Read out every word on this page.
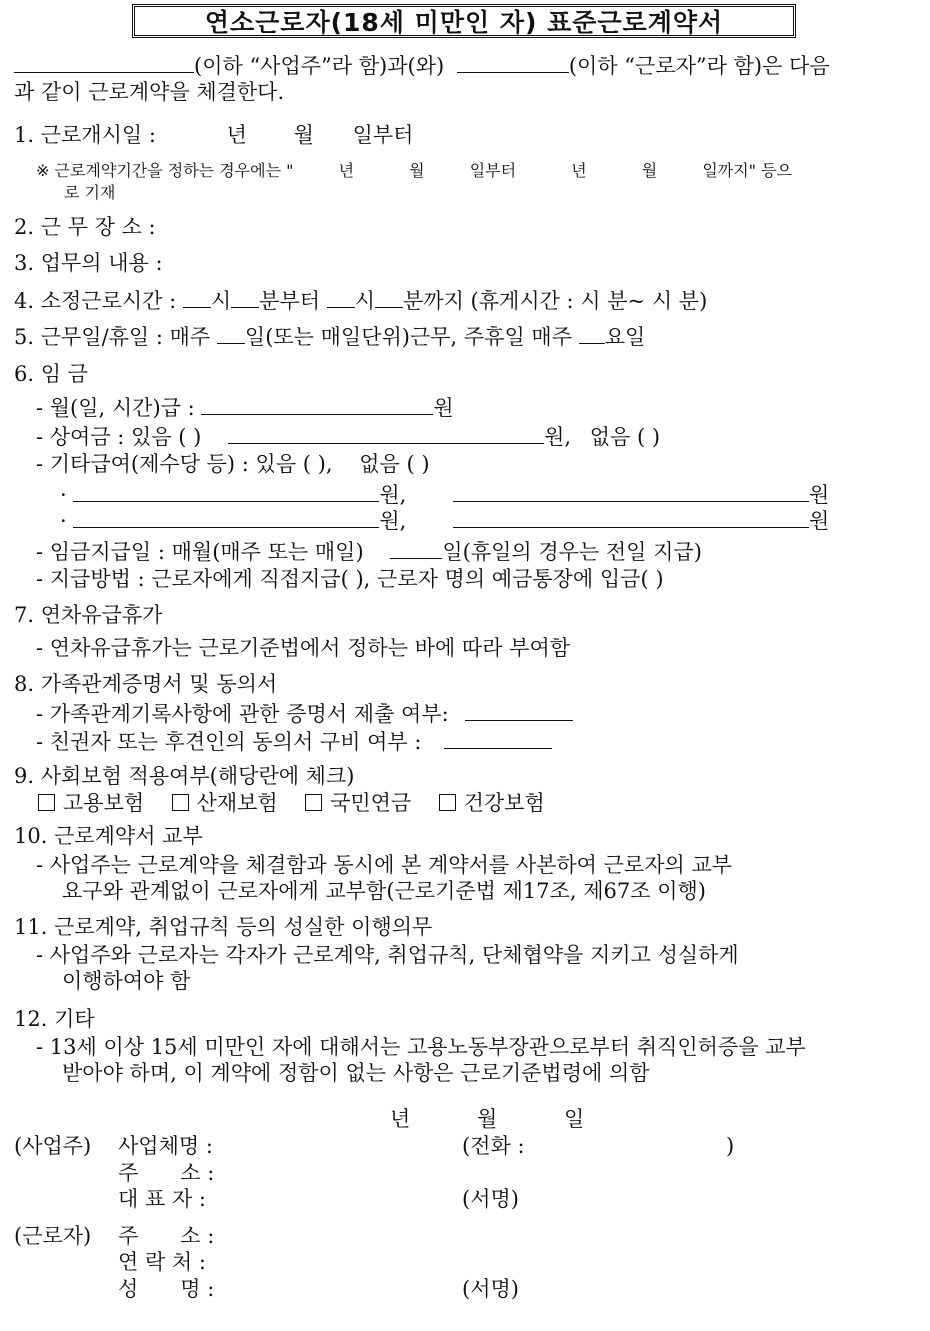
연소근로자(18세 미만인 자) 표준근로계약서
(이하 “사업주”라 함)과(와)	(이하 “근로자”라 함)은 다음
과 같이 근로계약을 체결한다.
1. 근로개시일 :	년 월 일부터
※ 근로계약기간을 정하는 경우에는 "	년	월	일부터	년	월	일까지" 등으
로 기재
2. 근 무 장 소 :
3. 업무의 내용 :
4. 소정근로시간 : 시 분부터 시 분까지 (휴게시간 : 시 분~ 시 분)
5. 근무일/휴일 : 매주 일(또는 매일단위)근무, 주휴일 매주 요일
6. 임 금
- 월(일, 시간)급 :	원
- 상여금 : 있음 ( )	원, 없음 ( )
- 기타급여(제수당 등) : 있음 ( ), 없음 ( )
·	원,	원
·	원,	원
- 임금지급일 : 매월(매주 또는 매일)	일(휴일의 경우는 전일 지급)
- 지급방법 : 근로자에게 직접지급( ), 근로자 명의 예금통장에 입금( )
7. 연차유급휴가
- 연차유급휴가는 근로기준법에서 정하는 바에 따라 부여함
8. 가족관계증명서 및 동의서
- 가족관계기록사항에 관한 증명서 제출 여부:
- 친권자 또는 후견인의 동의서 구비 여부 :
9. 사회보험 적용여부(해당란에 체크)
고용보험 산재보험 국민연금 건강보험
10. 근로계약서 교부
- 사업주는 근로계약을 체결함과 동시에 본 계약서를 사본하여 근로자의 교부
요구와 관계없이 근로자에게 교부함(근로기준법 제17조, 제67조 이행)
11. 근로계약, 취업규칙 등의 성실한 이행의무
- 사업주와 근로자는 각자가 근로계약, 취업규칙, 단체협약을 지키고 성실하게
이행하여야 함
12. 기타
- 13세 이상 15세 미만인 자에 대해서는 고용노동부장관으로부터 취직인허증을 교부
받아야 하며, 이 계약에 정함이 없는 사항은 근로기준법령에 의함
년	월	일
(사업주) 사업체명 :	(전화 :	)
주 소 :
대 표 자 :	(서명)
(근로자) 주 소 :
연 락 처 :
성 명 :	(서명)
